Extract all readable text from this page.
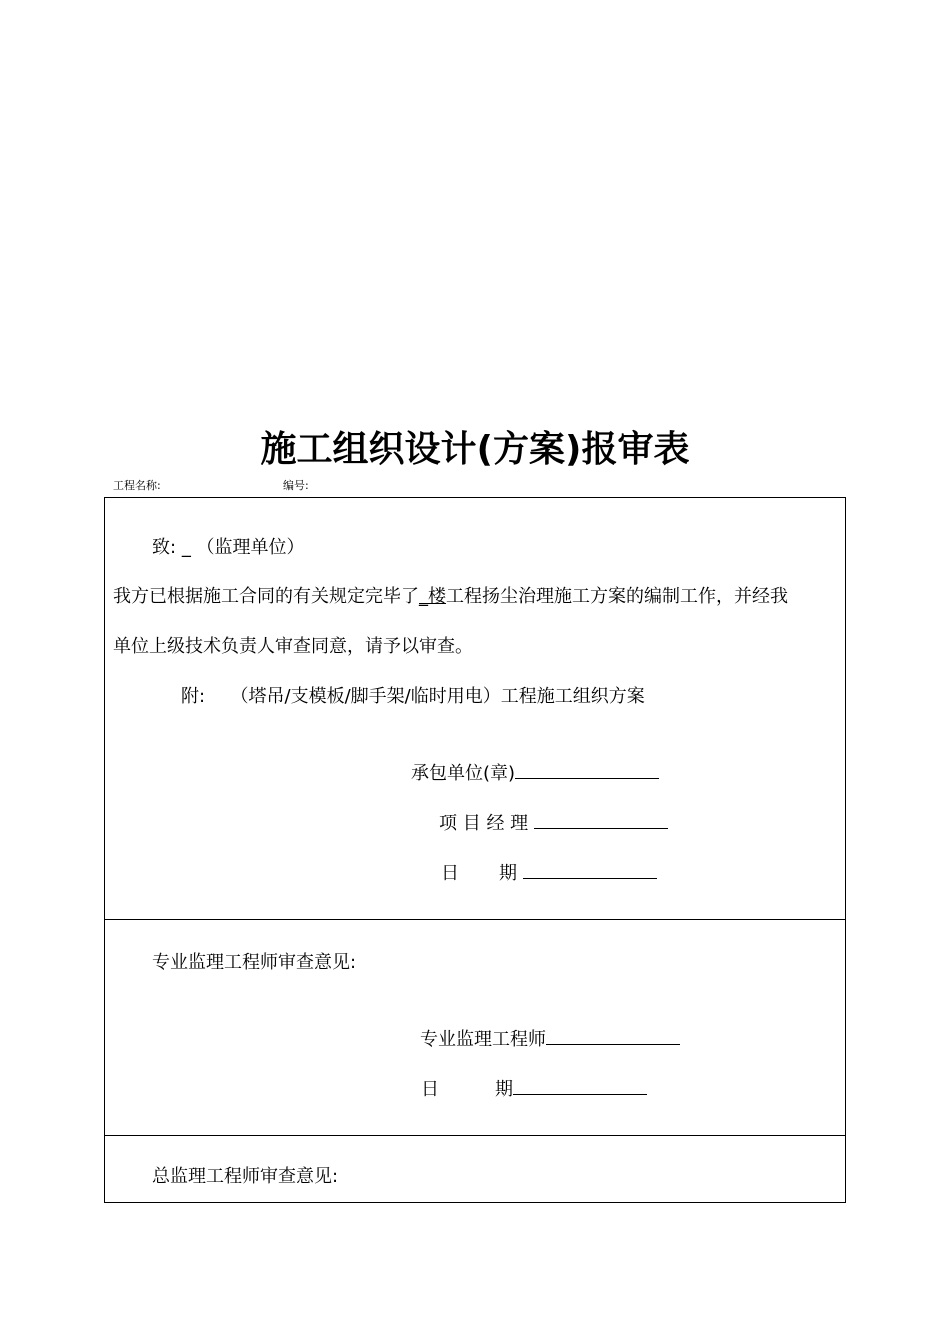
施工组织设计(方案)报审表
工程名称:	编号:
致: _ （监理单位）
我方已根据施工合同的有关规定完毕了_楼工程扬尘治理施工方案的编制工作，并经我
单位上级技术负责人审查同意，请予以审查。
附: （塔吊/支模板/脚手架/临时用电）工程施工组织方案
承包单位(章)
项 目 经 理
日 期
专业监理工程师审查意见:
专业监理工程师
日	期
总监理工程师审查意见:
